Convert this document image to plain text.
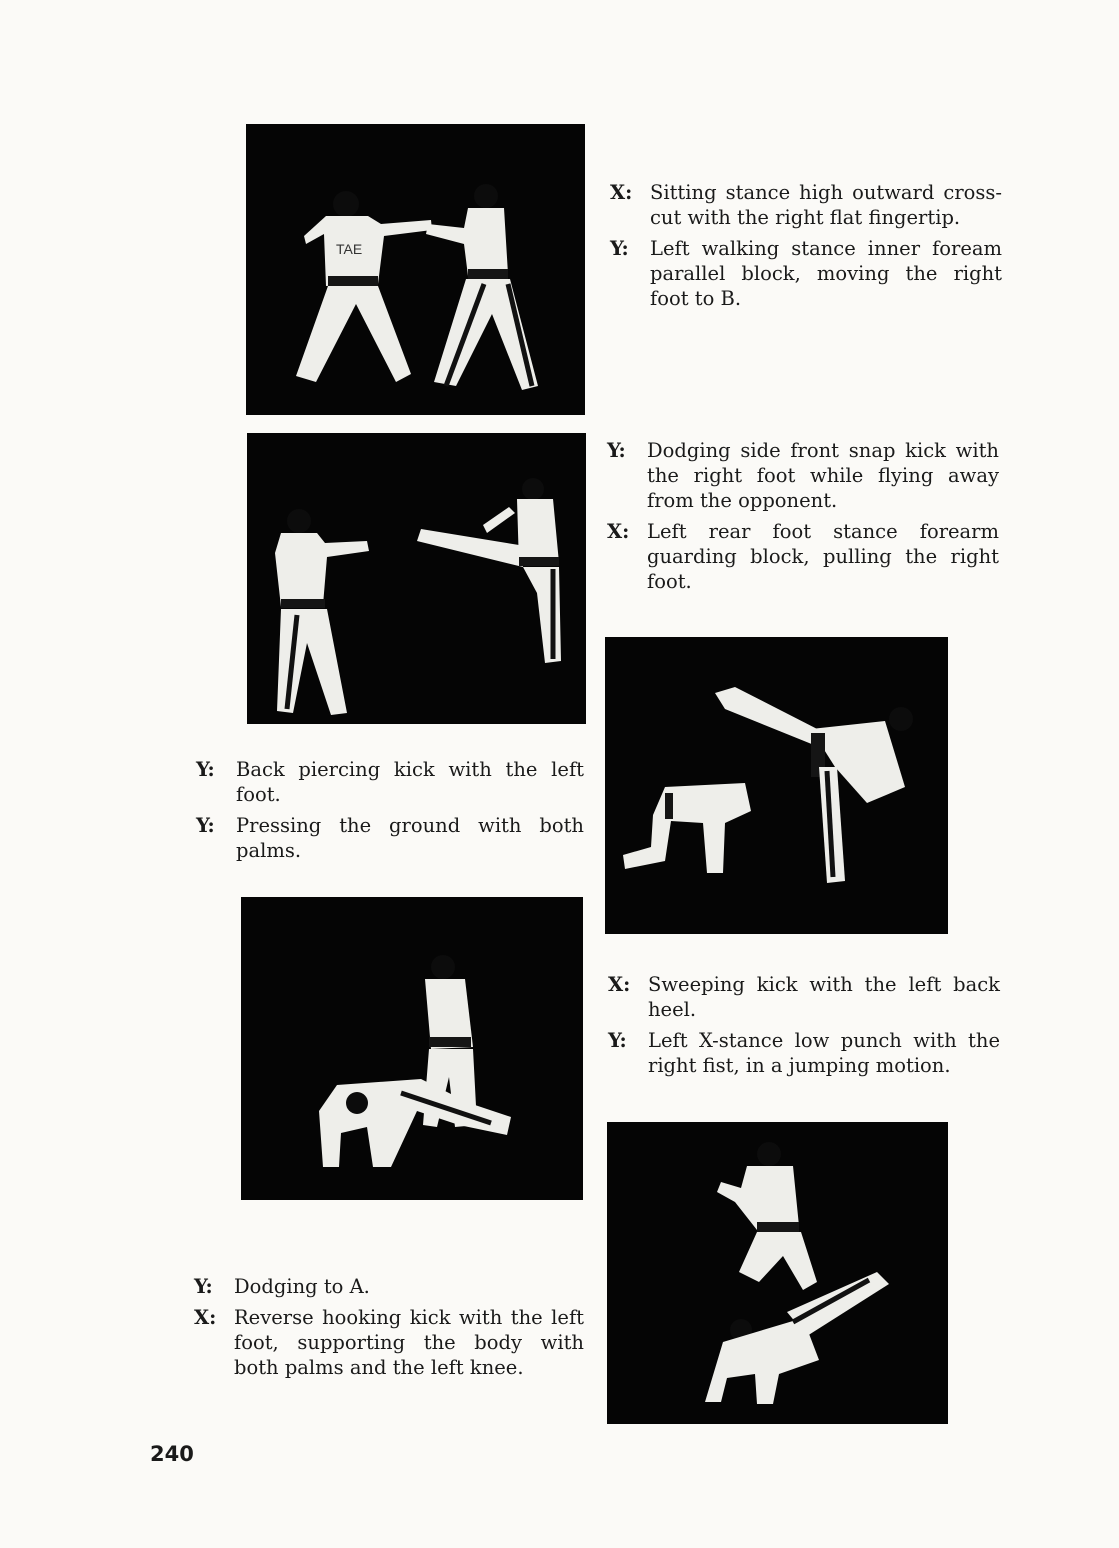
TAE
X: Sitting stance high outward cross-cut with the right flat fingertip.
Y: Left walking stance inner foream parallel block, moving the right foot to B.
Y: Dodging side front snap kick with the right foot while flying away from the opponent.
X: Left rear foot stance forearm guarding block, pulling the right foot.
Y: Back piercing kick with the left foot.
Y: Pressing the ground with both palms.
X: Sweeping kick with the left back heel.
Y: Left X-stance low punch with the right fist, in a jumping motion.
Y: Dodging to A.
X: Reverse hooking kick with the left foot, supporting the body with both palms and the left knee.
240
